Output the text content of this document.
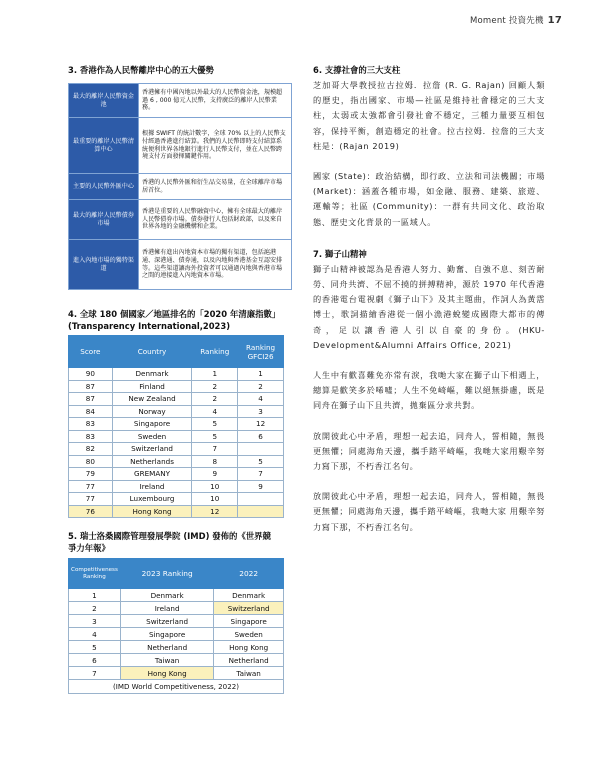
Moment 投資先機 17
3. 香港作為人民幣離岸中心的五大優勢
最大的離岸人民幣資金池	香港擁有中國內地以外最大的人民幣資金池，規模超過 6 , 000 億元人民幣，支持廣泛的離岸人民幣業務。
最重要的離岸人民幣清算中心	根據 SWIFT 的統計數字，全球 70% 以上的人民幣支付經過香港進行結算。我們的人民幣即時支付結算系統便利世界各地銀行進行人民幣支付，並在人民幣跨境支付方面發揮關鍵作用。
主要的人民幣外匯中心	香港的人民幣外匯和衍生品交易量，在全球離岸市場居首位。
最大的離岸人民幣債券市場	香港是重要的人民幣融資中心，擁有全球最大的離岸人民幣債券市場。債券發行人包括財政部，以及來自世界各地的金融機構和企業。
進入內地市場的獨特渠道	香港擁有進出內地資本市場的獨有渠道，包括滬港通、深港通、債券通，以及內地與香港基金互認安排等。這些渠道讓海外投資者可以通過內地與香港市場之間的連接進入內地資本市場。
4. 全球 180 個國家／地區排名的「2020 年清廉指數」
(Transparency International,2023)
Score	Country	Ranking	Ranking GFCI26
90	Denmark	1	1
87	Finland	2	2
87	New Zealand	2	4
84	Norway	4	3
83	Singapore	5	12
83	Sweden	5	6
82	Switzerland	7	
80	Netherlands	8	5
79	GREMANY	9	7
77	Ireland	10	9
77	Luxembourg	10	
76	Hong Kong	12	
5. 瑞士洛桑國際管理發展學院 (IMD) 發佈的《世界競
爭力年報》
Competitiveness Ranking	2023 Ranking	2022
1	Denmark	Denmark
2	Ireland	Switzerland
3	Switzerland	Singapore
4	Singapore	Sweden
5	Netherland	Hong Kong
6	Taiwan	Netherland
7	Hong Kong	Taiwan
(IMD World Competitiveness, 2022)		
6. 支撐社會的三大支柱

芝加哥大學教授拉古拉姆．拉詹 (R. G. Rajan) 回顧人類的歷史，指出國家、市場—社區是維持社會穩定的三大支柱，太弱或太強都會引發社會不穩定，三種力量要互相包容，保持平衡，創造穩定的社會。拉古拉姆．拉詹的三大支柱是：(Rajan 2019)

國家 (State)：政治結構，即行政、立法和司法機關；市場 (Market)：涵蓋各種市場，如金融、服務、建築、旅遊、運輸等；社區 (Community)：一群有共同文化、政治取態、歷史文化背景的一區域人。

7. 獅子山精神

獅子山精神被認為是香港人努力、勤奮、自強不息、刻苦耐勞、同舟共濟、不屈不撓的拼搏精神，源於 1970 年代香港的香港電台電視劇《獅子山下》及其主題曲，作詞人為黃霑博士，歌詞描繪香港從一個小漁港蛻變成國際大都市的傳奇，足以讓香港人引以自豪的身份。(HKU-Development&Alumni Affairs Office, 2021)

人生中有歡喜難免亦常有淚，我哋大家在獅子山下相遇上，總算是歡笑多於唏噓；人生不免崎嶇，難以絕無掛慮，既是同舟在獅子山下且共濟，拋棄區分求共對。

放開彼此心中矛盾，理想一起去追，同舟人，誓相隨，無畏更無懼；同處海角天邊，攜手踏平崎嶇，我哋大家用艱辛努力寫下那，不朽香江名句。

放開彼此心中矛盾，理想一起去追，同舟人，誓相隨，無畏更無懼；同處海角天邊，攜手踏平崎嶇，我哋大家 用艱辛努力寫下那，不朽香江名句。
